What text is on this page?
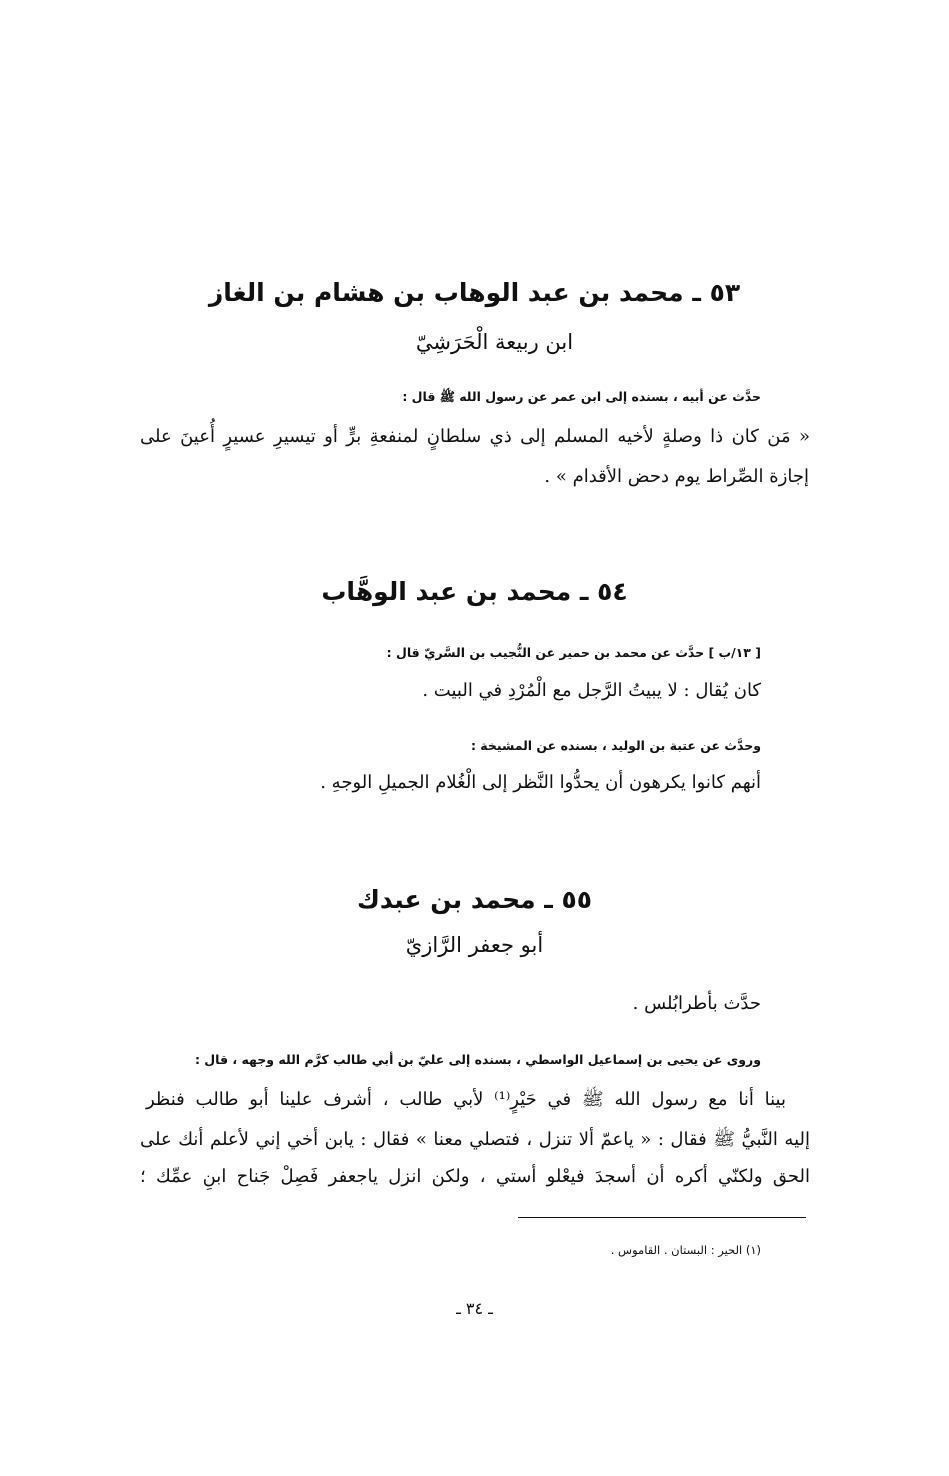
٥٣ ـ محمد بن عبد الوهاب بن هشام بن الغاز
ابن ربيعة الْحَرَشِيّ
حدَّث عن أبيه ، بسنده إلى ابن عمر عن رسول الله ﷺ قال :
« مَن كان ذا وصلةٍ لأخيه المسلم إلى ذي سلطانٍ لمنفعةِ برٍّ أو تيسيرِ عسيرٍ أُعينَ على
إجازة الصِّراط يوم دحض الأقدام » .
٥٤ ـ محمد بن عبد الوهَّاب
[ ١٣/ب ] حدَّث عن محمد بن حمير عن النُّجيب بن السَّريّ قال :
كان يُقال : لا يبيتُ الرَّجل مع الْمُرْدِ في البيت .
وحدَّث عن عتبة بن الوليد ، بسنده عن المشيخة :
أنهم كانوا يكرهون أن يحدُّوا النَّظر إلى الْغُلام الجميلِ الوجهِ .
٥٥ ـ محمد بن عبدك
أبو جعفر الرَّازيّ
حدَّث بأطرابُلس .
وروى عن يحيى بن إسماعيل الواسطي ، بسنده إلى عليّ بن أبي طالب كرَّم الله وجهه ، قال :
بينا أنا مع رسول الله ﷺ في حَيْرٍ⁽¹⁾ لأبي طالب ، أشرف علينا أبو طالب فنظر
إليه النَّبيُّ ﷺ فقال : « ياعمّ ألا تنزل ، فتصلي معنا » فقال : يابن أخي إني لأعلم أنك على
الحق ولكنّي أكره أن أسجدَ فيعْلو أستي ، ولكن انزل ياجعفر فَصِلْ جَناح ابنِ عمِّك ؛
(١) الحير : البستان . القاموس .
ـ ٣٤ ـ
